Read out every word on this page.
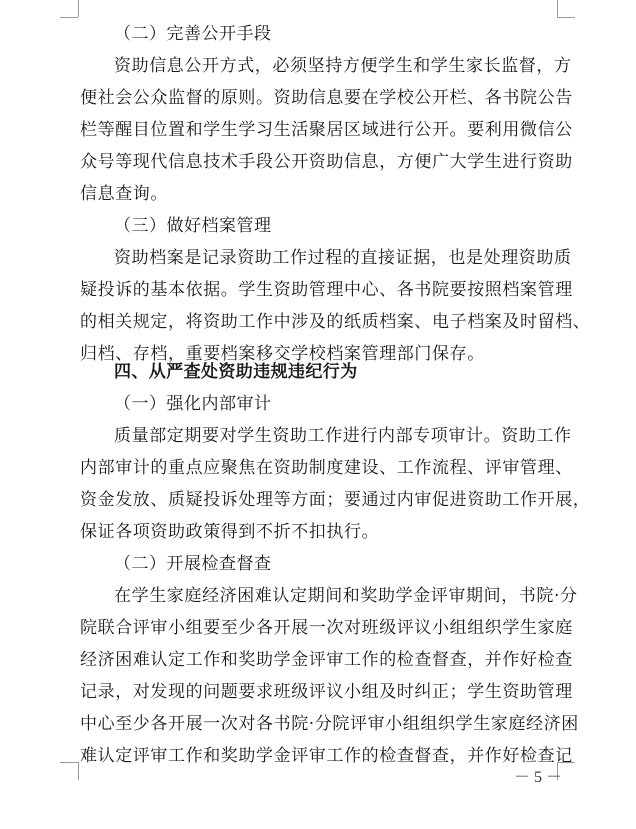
（二）完善公开手段
资助信息公开方式，必须坚持方便学生和学生家长监督，方
便社会公众监督的原则。资助信息要在学校公开栏、各书院公告
栏等醒目位置和学生学习生活聚居区域进行公开。要利用微信公
众号等现代信息技术手段公开资助信息，方便广大学生进行资助
信息查询。
（三）做好档案管理
资助档案是记录资助工作过程的直接证据，也是处理资助质
疑投诉的基本依据。学生资助管理中心、各书院要按照档案管理
的相关规定，将资助工作中涉及的纸质档案、电子档案及时留档、
归档、存档，重要档案移交学校档案管理部门保存。
四、从严查处资助违规违纪行为
（一）强化内部审计
质量部定期要对学生资助工作进行内部专项审计。资助工作
内部审计的重点应聚焦在资助制度建设、工作流程、评审管理、
资金发放、质疑投诉处理等方面；要通过内审促进资助工作开展，
保证各项资助政策得到不折不扣执行。
（二）开展检查督查
在学生家庭经济困难认定期间和奖助学金评审期间，书院·分
院联合评审小组要至少各开展一次对班级评议小组组织学生家庭
经济困难认定工作和奖助学金评审工作的检查督查，并作好检查
记录，对发现的问题要求班级评议小组及时纠正；学生资助管理
中心至少各开展一次对各书院·分院评审小组组织学生家庭经济困
难认定评审工作和奖助学金评审工作的检查督查，并作好检查记
－ 5 －
